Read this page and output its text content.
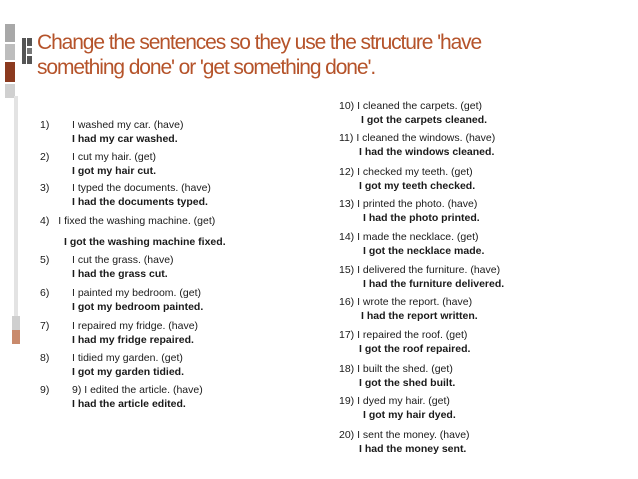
Change the sentences so they use the structure 'have
something done' or 'get something done'.
1) I washed my car. (have)
I had my car washed.
2) I cut my hair. (get)
I got my hair cut.
3) I typed the documents. (have)
I had the documents typed.
4) I fixed the washing machine. (get)
I got the washing machine fixed.
5) I cut the grass. (have)
I had the grass cut.
6) I painted my bedroom. (get)
I got my bedroom painted.
7) I repaired my fridge. (have)
I had my fridge repaired.
8) I tidied my garden. (get)
I got my garden tidied.
9) 9) I edited the article. (have)
I had the article edited.
10) I cleaned the carpets. (get)
I got the carpets cleaned.
11) I cleaned the windows. (have)
I had the windows cleaned.
12) I checked my teeth. (get)
I got my teeth checked.
13) I printed the photo. (have)
I had the photo printed.
14) I made the necklace. (get)
I got the necklace made.
15) I delivered the furniture. (have)
I had the furniture delivered.
16) I wrote the report. (have)
I had the report written.
17) I repaired the roof. (get)
I got the roof repaired.
18) I built the shed. (get)
I got the shed built.
19) I dyed my hair. (get)
I got my hair dyed.
20) I sent the money. (have)
I had the money sent.
